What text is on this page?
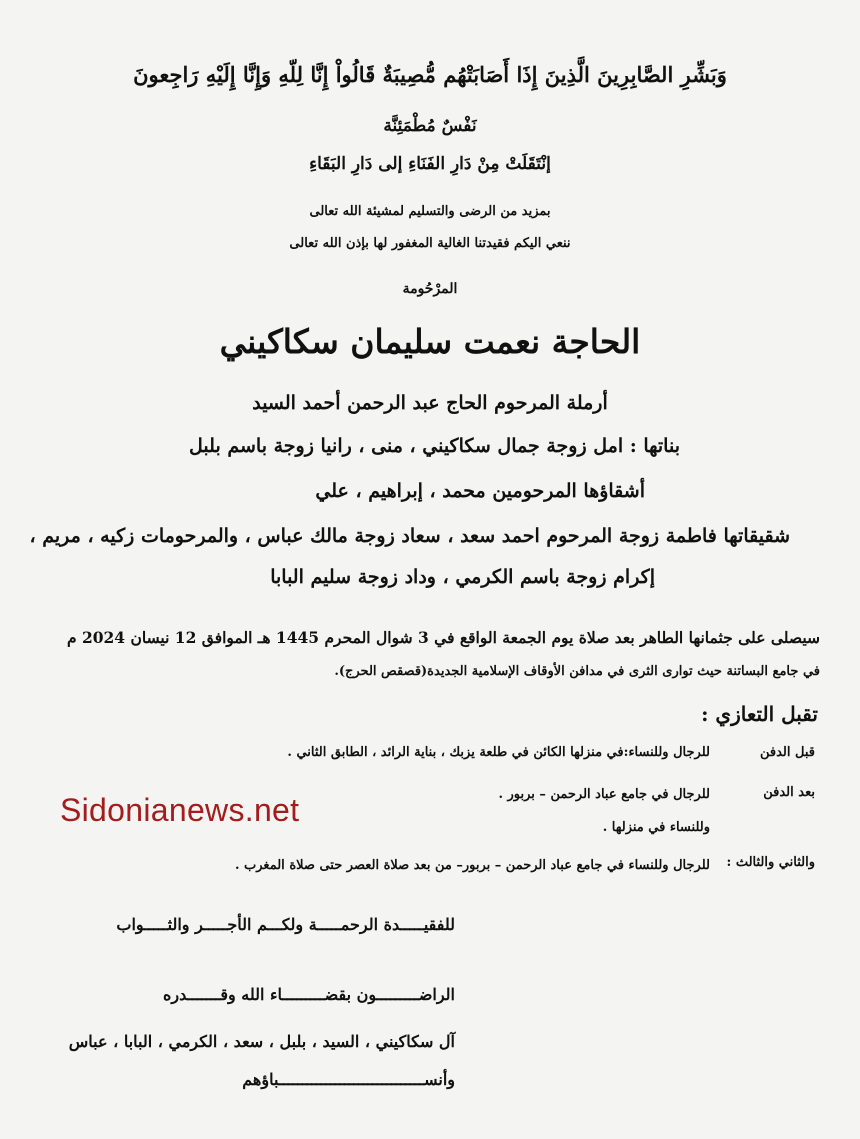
وَبَشِّرِ الصَّابِرِينَ الَّذِينَ إِذَا أَصَابَتْهُم مُّصِيبَةٌ قَالُواْ إِنَّا لِلّهِ وَإِنَّا إِلَيْهِ رَاجِعونَ
نَفْسٌ مُطْمَئِنَّة
إنْتَقَلَتْ مِنْ دَارِ الفَنَاءِ إلى دَارِ البَقَاءِ
بمزيد من الرضى والتسليم لمشيئة الله تعالى
ننعي اليكم فقيدتنا الغالية المغفور لها بإذن الله تعالى
المرْحُومة
الحاجة نعمت سليمان سكاكيني
أرملة المرحوم الحاج عبد الرحمن أحمد السيد
بناتها : امل زوجة جمال سكاكيني ، منى ، رانيا زوجة باسم بلبل
أشقاؤها المرحومين محمد ، إبراهيم ، علي
شقيقاتها فاطمة زوجة المرحوم احمد سعد ، سعاد زوجة مالك عباس ، والمرحومات زكيه ، مريم ،
إكرام زوجة باسم الكرمي ، وداد زوجة سليم البابا
سيصلى على جثمانها الطاهر بعد صلاة يوم الجمعة الواقع في 3 شوال المحرم 1445 هـ الموافق 12 نيسان 2024 م
في جامع البساتنة حيث توارى الثرى في مدافن الأوقاف الإسلامية الجديدة(قصقص الحرج).
تقبل التعازي :
قبل الدفن
للرجال وللنساء:في منزلها الكائن في طلعة يزبك ، بناية الرائد ، الطابق الثاني .
بعد الدفن
للرجال في جامع عباد الرحمن – بربور .
وللنساء في منزلها .
والثاني والثالث :
للرجال وللنساء في جامع عباد الرحمن – بربور– من بعد صلاة العصر حتى صلاة المغرب .
للفقيـــــدة الرحمـــــة ولكـــم الأجـــــر والثـــــواب
الراضـــــــــون بقضـــــــــاء الله وقـــــــدره
آل سكاكيني ، السيد ، بلبل ، سعد ، الكرمي ، البابا ، عباس
وأنســـــــــــــــــــــــــــــــباؤهم
Sidonianews.net
